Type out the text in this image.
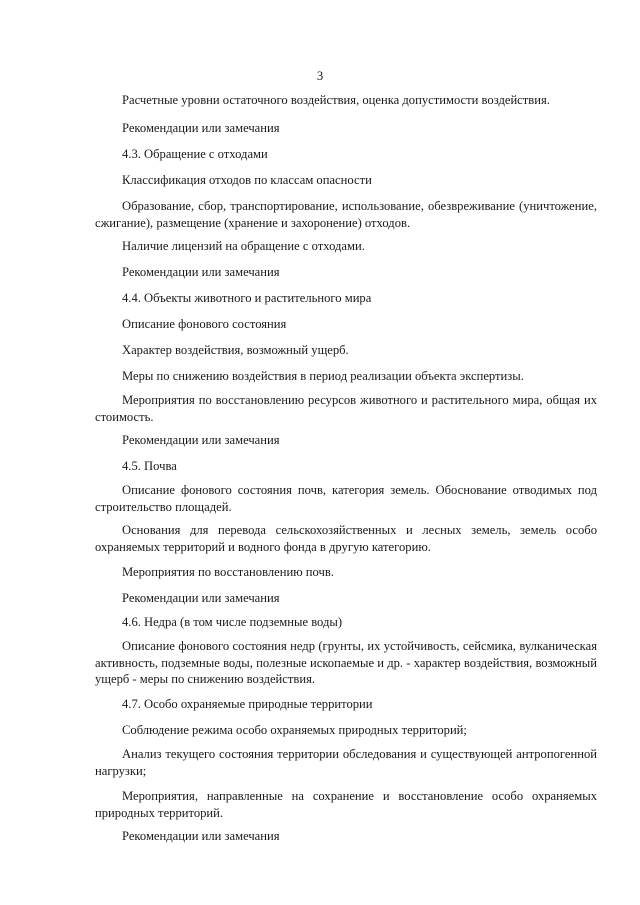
3

Расчетные уровни остаточного воздействия, оценка допустимости воздействия.

Рекомендации или замечания

4.3. Обращение с отходами

Классификация отходов по классам опасности

Образование, сбор, транспортирование, использование, обезвреживание (уничтожение, сжигание), размещение (хранение и захоронение) отходов.

Наличие лицензий на обращение с отходами.

Рекомендации или замечания

4.4. Объекты животного и растительного мира

Описание фонового состояния

Характер воздействия, возможный ущерб.

Меры по снижению воздействия в период реализации объекта экспертизы.

Мероприятия по восстановлению ресурсов животного и растительного мира, общая их стоимость.

Рекомендации или замечания

4.5. Почва

Описание фонового состояния почв, категория земель. Обоснование отводимых под строительство площадей.

Основания для перевода сельскохозяйственных и лесных земель, земель особо охраняемых территорий и водного фонда в другую категорию.

Мероприятия по восстановлению почв.

Рекомендации или замечания

4.6. Недра (в том числе подземные воды)

Описание фонового состояния недр (грунты, их устойчивость, сейсмика, вулканическая активность, подземные воды, полезные ископаемые и др. - характер воздействия, возможный ущерб - меры по снижению воздействия.

4.7. Особо охраняемые природные территории

Соблюдение режима особо охраняемых природных территорий;

Анализ текущего состояния территории обследования и существующей антропогенной нагрузки;

Мероприятия, направленные на сохранение и восстановление особо охраняемых природных территорий.

Рекомендации или замечания
